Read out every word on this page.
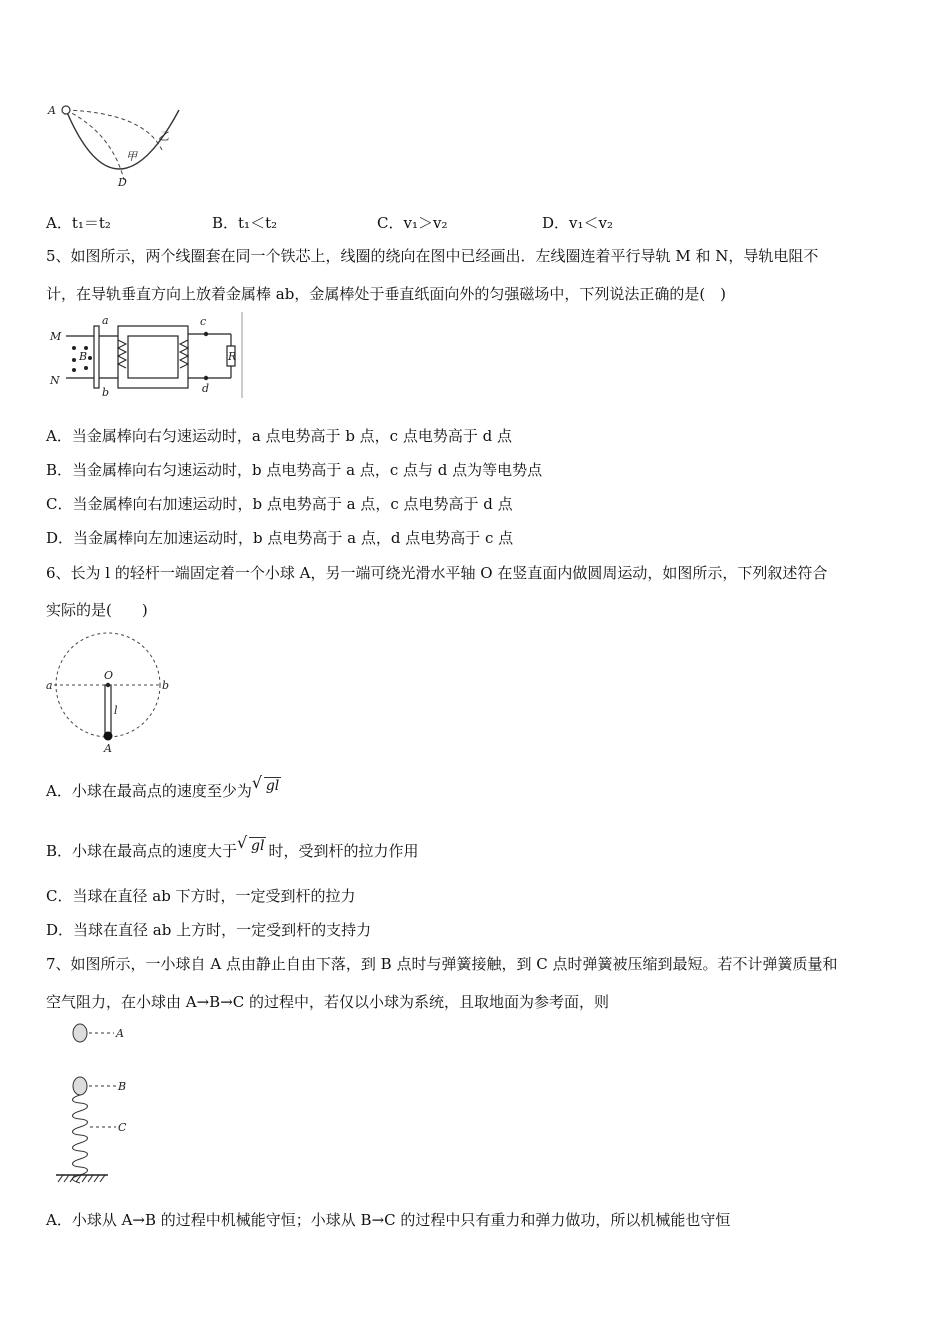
A
D
乙
甲
A．t₁＝t₂	B．t₁＜t₂	C．v₁＞v₂	D．v₁＜v₂
5、如图所示，两个线圈套在同一个铁芯上，线圈的绕向在图中已经画出．左线圈连着平行导轨 M 和 N，导轨电阻不
计，在导轨垂直方向上放着金属棒 ab，金属棒处于垂直纸面向外的匀强磁场中，下列说法正确的是(　)
M
N
B
a
b
c
d
R
A．当金属棒向右匀速运动时，a 点电势高于 b 点，c 点电势高于 d 点
B．当金属棒向右匀速运动时，b 点电势高于 a 点，c 点与 d 点为等电势点
C．当金属棒向右加速运动时，b 点电势高于 a 点，c 点电势高于 d 点
D．当金属棒向左加速运动时，b 点电势高于 a 点，d 点电势高于 c 点
6、长为 l 的轻杆一端固定着一个小球 A，另一端可绕光滑水平轴 O 在竖直面内做圆周运动，如图所示，下列叙述符合
实际的是(　　)
O
a	b
l
A
A．小球在最高点的速度至少为 √ gl
B．小球在最高点的速度大于 √ gl 时，受到杆的拉力作用
C．当球在直径 ab 下方时，一定受到杆的拉力
D．当球在直径 ab 上方时，一定受到杆的支持力
7、如图所示，一小球自 A 点由静止自由下落，到 B 点时与弹簧接触，到 C 点时弹簧被压缩到最短。若不计弹簧质量和
空气阻力，在小球由 A→B→C 的过程中，若仅以小球为系统，且取地面为参考面，则
A
B
C
A．小球从 A→B 的过程中机械能守恒；小球从 B→C 的过程中只有重力和弹力做功，所以机械能也守恒
